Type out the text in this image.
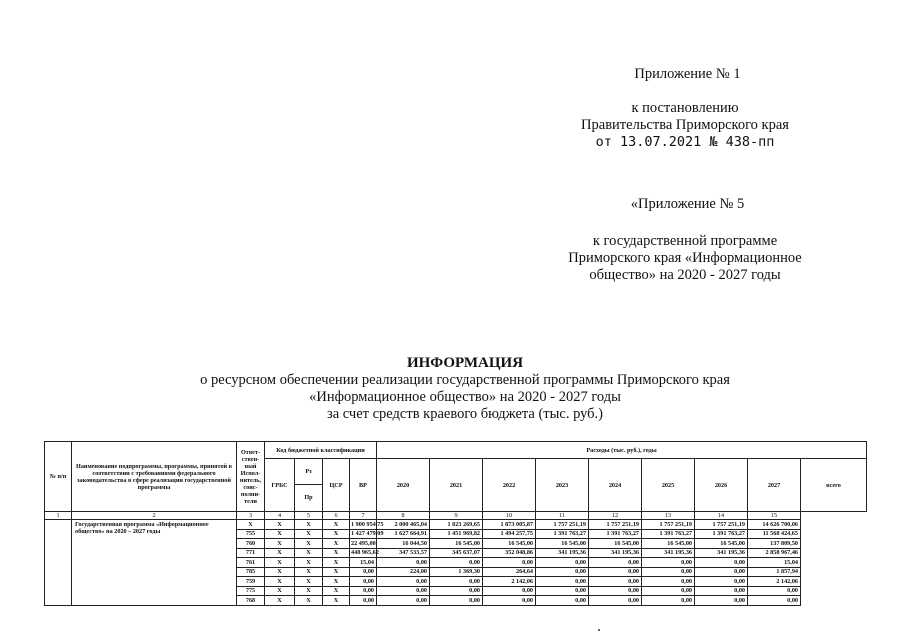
Приложение № 1
к постановлению
Правительства Приморского края
от 13.07.2021 № 438-пп
«Приложение № 5
к государственной программе
Приморского края «Информационное
общество» на 2020 - 2027 годы
ИНФОРМАЦИЯ
о ресурсном обеспечении реализации государственной программы Приморского края
«Информационное общество» на 2020 - 2027 годы
за счет средств краевого бюджета (тыс. руб.)
№ п/п	Наименование подпрограммы, программы, принятой в соответствии с требованиями федерального законодательства в сфере реализации государственной программы	Ответ-ствен-ный Испол-нитель, соис-полни-тели	Код бюджетной классификации				Расходы (тыс. руб.), годы								
			ГРБС	Рз
Пр	ЦСР	ВР	2020	2021	2022	2023	2024	2025	2026	2027	всего
1	2	3	4	5	6	7	8	9	10	11	12	13	14	15	
	Государственная программа «Информационное общество» на 2020 – 2027 годы	X	X	X	X	1 900 954,75	2 000 465,04	1 823 269,65	1 873 005,87	1 757 251,19	1 757 251,19	1 757 251,19	1 757 251,19	14 626 700,06	
		755	X	X	X	1 427 479,09	1 627 664,91	1 451 969,82	1 494 257,75	1 391 763,27	1 391 763,27	1 391 763,27	1 391 763,27	11 568 424,65	
		760	X	X	X	22 495,00	16 044,50	16 545,00	16 545,00	16 545,00	16 545,00	16 545,00	16 545,00	137 809,50	
		771	X	X	X	448 965,62	347 533,57	345 637,07	352 048,86	341 195,36	341 195,36	341 195,36	341 195,36	2 858 967,46	
		761	X	X	X	15,04	0,00	0,00	0,00	0,00	0,00	0,00	0,00	15,04	
		785	X	X	X	0,00	224,00	1 369,30	264,64	0,00	0,00	0,00	0,00	1 857,94	
		759	X	X	X	0,00	0,00	0,00	2 142,06	0,00	0,00	0,00	0,00	2 142,06	
		775	X	X	X	0,00	0,00	0,00	0,00	0,00	0,00	0,00	0,00	0,00	
		768	X	X	X	0,00	0,00	0,00	0,00	0,00	0,00	0,00	0,00	0,00	
